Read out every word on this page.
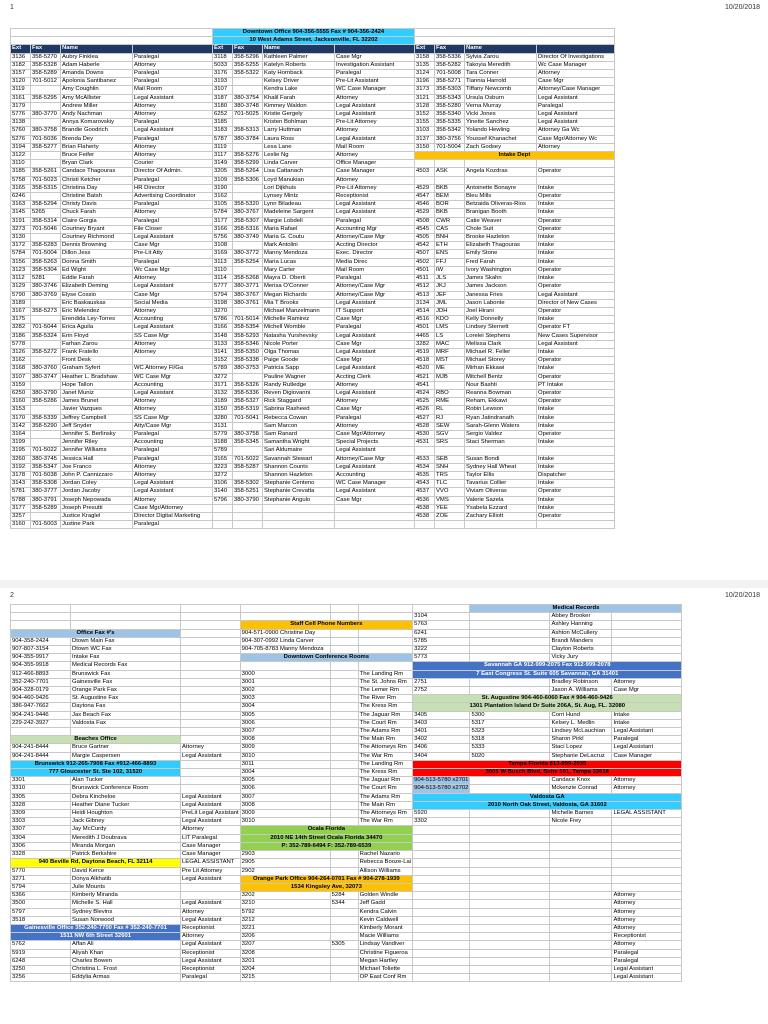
1	10/20/2018
				Downtown Office 904-356-5555 Fax # 904-356-2424							
				10 West Adams Street, Jacksonville, FL 32202							
Ext	Fax	Name		Ext	Fax	Name		Ext	Fax	Name	
3136	358-5270	Aubry Finklea	Paralegal	3118	358-5296	Kathleen Palmer	Case Mgr	3158	358-5336	Sylvia Zarou	Director Of Investigations
3182	358-5328	Adam Haberle	Attorney	5033	358-5255	Katelyn Roberts	Investigation Assistant	3135	358-5282	Takoyia Meredith	Wc Case Manager
3157	358-5289	Amanda Downs	Paralegal	3176	358-5322	Katy Hornback	Paralegal	3124	701-5008	Tara Conner	Attorney
3120	701-5012	Apolonia Santibanez	Paralegal	3193		Kelsey Driver	Pre-Lit Assistant	3196	358-5271	Tiannia Harrold	Case Mgr
3119		Amy Coughlin	Mail Room	3107		Kendra Lake	WC Case Manager	3173	358-5303	Tiffany Newcomb	Attorney/Case Manager
3161	358-5295	Amy McAllister	Legal Assistant	3187	380-3754	Khalil Farah	Attorney	3121	358-5343	Ursula Osburn	Legal Assistant
3179		Andrew Miller	Attorney	3180	380-3748	Kimmey Waldon	Legal Assistant	3128	358-5280	Verna Murray	Paralegal
5776	380-3770	Andy Nachman	Attorney	6252	701-5025	Kristie Gergely	Legal Assistant	3152	358-5340	Vicki Jones	Legal Assistant
3138		Annya Komarovskiy	Paralegal	3185		Kristen Bohlman	Pre-Lit Attorney	3155	358-5335	Yinette Sanchez	Legal Assistant
5760	380-3758	Brandie Goodrich	Legal Assistant	3183	358-5313	Larry Huttman	Attorney	3103	358-5342	Yolando Hewling	Attorney Ga Wc
5276	701-5036	Brenda Dey	Paralegal	5787	380-3784	Laura Ross	Legal Assistant	3137	380-3756	Youssef Khanachet	Case Mgr/Attorney Wc
3194	358-5277	Brian Flaherty	Attorney	3119		Lesa Lane	Mail Room	3150	701-5004	Zach Godsey	Attorney
3122		Bruce Feifer	Attorney	3117	358-5276	Leslie Ng	Attorney	Intake Dept			
3110		Bryan Clark	Courier	3149	358-5299	Linda Carver	Office Manager				
3185	358-5261	Candace Thagouras	Director Of Admin.	3205	358-5264	Lisa Cattanach	Case Manager	4503	ASK	Angela Kozdras	Operator
5758	701-5023	Christi Ketcher	Paralegal	3109	358-5306	Loyd Manukian	Attorney				
3165	358-5315	Christina Day	HR Director	3190		Lori Dijkhuis	Pre-Lit Attorney	4529	BKB	Antoinette Bonayre	Intake
6246		Christine Batsh	Advertising Coordinator	3162		Lynsey Mintz	Receptionist	4547	BEM	Bleu Mills	Operator
3163	358-5294	Christy Davis	Paralegal	3105	358-5320	Lynn Biladeau	Legal Assistant	4546	BOR	Betzaida Oliveras-Rios	Intake
3145	5265	Chuck Farah	Attorney	5784	380-3767	Madeleine Sargent	Legal Assistant	4529	BKB	Branigan Booth	Intake
3191	358-5314	Claire Gorgia	Paralegal	3177	358-5307	Margie Lobdell	Paralegal	4508	CWR	Catie Weaver	Operator
3273	701-5046	Courtney Bryant	File Closer	3166	358-5316	Maria Rafael	Accounting Mgr	4545	CAS	Chole Suit	Operator
3130		Courtney Richmond	Legal Assistant	5756	380-3749	Maria G. Coutu	Attorney/Case Mgr	4505	BNH	Brooke Hazleton	Intake
3172	358-5283	Dennis Browning	Case Mgr	3108		Mark Antolini	Accting Director	4542	ETH	Elizabeth Thagouras	Intake
5784	701-5004	Dillon Jess	Pre-Lit Atty	3169	380-3772	Manny Mendoza	Exec. Director	4507	ENS	Emily Stone	Intake
3156	358-5263	Donna Smith	Paralegal	3113	358-5254	Maria Lucas	Media Direc	4502	FFJ	Fred Farah	Intake
3123	358-5304	Ed Wight	Wc Case Mgr	3110		Mary Carter	Mail Room	4501	IW	Ivory Washington	Operator
3112	5281	Eddie Farah	Attorney	3114	358-5268	Mayra D. Oberti	Paralegal	4511	JLS	James Skahn	Intake
3129	380-3746	Elizabeth Deming	Legal Assistant	5777	380-3771	Merisa O'Conner	Attorney/Case Mgr	4512	JKJ	James Jackson	Operator
5790	380-3769	Elyse Cossio	Case Mgr	5794	380-3767	Megan Richards	Attorney/Case Mgr	4513	JEF	Janessa Fries	Legal Assistant
3189		Eric Baskauskas	Social Media	3198	380-3761	Mia T Brooks	Legal Assistant	3134	JML	Jason Labonte	Director of New Cases
3167	358-5273	Eric Melendez	Attorney	3270		Michael Manzelmann	IT Support	4514	JDH	Joel Hirani	Operator
3175		Erendida Ley-Torres	Accounting	5786	701-5014	Michelle Ramirez	Case Mgr	4516	KDO	Kelly Donnelly	Intake
3282	701-5044	Erica Aguila	Legal Assistant	3166	358-5354	Michell Womble	Paralegal	4501	LMS	Lindsey Sternett	Operator FT
3186	358-5324	Erin Floyd	SS Case Mgr	3148	358-5293	Natasha Yurshevsky	Legal Assistant	4465	LS	Lorelei Stephens	New Cases Supervisor
5778		Farhan Zarou	Attorney	3133	358-5346	Nicole Porter	Case Mgr	3282	MAC	Melissa Clark	Legal Assistant
3126	358-5272	Frank Fratello	Attorney	3141	358-5350	Olga Thomas	Legal Assistant	4519	MRF	Michael R. Feller	Intake
3162		Front Desk		3152	358-5338	Paige Goode	Case Mgr	4518	MST	Michael Storey	Operator
3168	380-3760	Graham Syfert	WC Attorney Fl/Ga	5789	380-3753	Patricia Sapp	Legal Assistant	4520	ME	Mirhan Ekkawi	Intake
3107	380-3747	Heather L. Bradshaw	WC Case Mgr	3272		Pauline Wagner	Accting Clerk	4521	MJB	Mitchell Bentz	Operator
3159		Hope Tallon	Accounting	3171	358-5326	Randy Rutledge	Attorney	4541		Nour Bashti	PT Intake
6250	380-3790	Janet Muniz	Legal Assistant	3132	358-5336	Reven Digiovanni	Legal Assistant	4524	RBO	Reanna Bowman	Operator
3160	358-5286	James Brunet	Attorney	3189	358-5327	Rick Staggard	Attorney	4525	RME	Reham, Ekkawi	Operator
3153		Javier Vazques	Attorney	3150	358-5319	Sabrina Rasheed	Case Mgr	4526	RL	Robin Lewson	Intake
3170	358-5339	Jeffrey Campbell	SS Case Mgr	3280	701-5041	Rebecca Cowan	Paralegal	4527	RJ	Ryan Jatindranath	Intake
3142	358-5290	Jeff Snyder	Atty/Case Mgr	3131		Sam Marcon	Attorney	4528	SEW	Sarah-Glenn Waters	Intake
3164		Jennifer S. Berlinsky	Paralegal	5779	380-3758	Sam Ranard	Case Mgr/Attorney	4530	SGV	Sergio Valdez	Operator
3199		Jennifer Riley	Accounting	3188	358-5345	Samantha Wright	Special Projects	4531	SRS	Staci Sherman	Intake
3195	701-5022	Jennifer Williams	Paralegal	5789		Sari Aldumaire	Legal Assistant				
3260	380-3745	Jessica Hall	Paralegal	3165	701-5022	Savannah Stewart	Attorney/Case Mgr	4533	SEB	Susan Bondi	Intake
3192	358-5347	Joe Franco	Attorney	3223	358-5287	Shannon Counts	Legal Assistant	4534	SNH	Sydney Hall Wheat	Intake
3178	701-5038	John P. Cannizzaro	Attorney	3272		Shannon Hazleton	Accounting	4535	TRS	Taylor Ellis	Dispatcher
3143	358-5308	Jordan Coley	Legal Assistant	3106	358-5302	Stephanie Centeno	WC Case Manager	4543	TLC	Tavarius Collier	Intake
5781	380-3777	Jordan Jacoby	Legal Assistant	3140	358-5251	Stephanie Crevatta	Legal Assistant	4537	VVO	Viviam Oliveras	Operator
5788	380-3791	Joseph Nepowada	Attorney	5796	380-3790	Stephanie Angulo	Case Mgr	4536	VMS	Valerie Sazela	Intake
3177	358-5289	Joseph Presutti	Case Mgr/Attorney					4538	YEE	Ysabela Ezzard	Intake
3257		Justice Kraglel	Director Digital Marketing					4538	ZOE	Zachary Elliott	Operator
3160	701-5003	Justine Park	Paralegal								
2	10/20/2018
							Medical Records		
						3104		Abbey Brooker	
			Staff Cell Phone Numbers			5763		Ashley Hanning	
Office Fax #'s			904-571-0900 Christine Day			6241		Ashton McCullery	
904-358-2424	Dtown Main Fax		904-307-0992 Linda Carver			5785		Brandi Manders	
907-807-3154	Dtown WC Fax		904-705-8783 Manny Mendoza			3222		Clayton Roberts	
904-355-9917	Intake Fax		Downtown Conference Rooms			5773		Vicky Jury	
904-355-9918	Medical Records Fax					Savannah GA 912-999-2075 Fax 912-999-2078			
912-466-8893	Brunswick Fax		3000		The Landing Rm	7 East Congress St. Suite 605 Savannah, GA 31401			
352-240-7701	Gainesville Fax		3001		The St. Johns Rm	2751		Bradley Robinson	Attorney
904-328-0179	Orange Park Fax		3002		The Lemer Rm	2752		Jason A. Williams	Case Mgr
904-460-9426	St. Augustine Fax		3003		The River Rm	St. Augustine 904-460-6060 Fax # 904-460-9426			
386-947-7662	Daytona Fax		3004		The Kress Rm	1301 Plantation Island Dr Suite 206A, St. Aug, FL. 32080			
904-241-9446	Jax Beach Fax		3005		The Jaguar Rm	3405	5300	Corri Hund	Intake
229-242-3927	Valdosta Fax		3006		The Court Rm	3403	5317	Kelsey L. Medlin	Intake
			3007		The Adams Rm	3401	5323	Lindsey McLauchian	Legal Assistant
Beaches Office			3008		The Main Rm	3402	5318	Sharon Pirkl	Paralegal
904-241-8444	Bruce Gartner	Attorney	3009		The Attorneys Rm	3406	5333	Staci Lopez	Legal Assistant
904-241-8444	Margie Caspersen	Legal Assistant	3010		The War Rm	3404	5020	Stephanie DeLacruz	Case Manager
Brunswick 912-265-7908 Fax #912-466-8893			3011		The Landing Rm	Tampa Florida 813-999-2035			
777 Gloucester St. Ste 102, 31520			3004		The Kress Rm	3601 W Busch Blvd, Suite 101, Tampa 33618			
3301	Alan Tucker		3005		The Jaguar Rm	904-513-5780 x2701		Candace Knox	Attorney
3310	Brunswick Conference Room		3006		The Court Rm	904-513-5780 x2702		Mckenzie Conrad	Attorney
3305	Debra Kincheloe	Legal Assistant	3007		The Adams Rm	Valdosta GA			
3328	Heather Diane Tucker	Legal Assistant	3008		The Main Rm	2010 North Oak Street, Valdosta, GA 31602			
3309	Heidi Houghton	PreLit Legal Assistant	3009		The Attorneys Rm	5920		Michelle Barnes	LEGAL ASSISTANT
3303	Jack Gibney	Legal Assistant	3010		The War Rm	3302		Nicole Frey	
3307	Jay McCurdy	Attorney	Ocala Florida						
3304	Meredith J Doubrava	LIT Paralegal	2010 NE 14th Street Ocala Florida 34470						
3306	Miranda Morgan	Case Manager	P: 352-789-6494 F: 352-789-6539						
3328	Patrick Berkshire	Case Manager	2903		Rachel Nazario				
940 Beville Rd, Daytona Beach, FL 32114		LEGAL ASSISTANT	2905		Rebecca Booze-Lai				
5770	David Kerce	Pre Lit Attorney	2902		Allison Williams				
3271	Donya Alkhatib	Legal Assistant	Orange Park Office 904-264-0701 Fax # 904-278-1939						
5794	Julie Mounts		1534 Kingsley Ave, 32073						
5366	Kimberly Miranda		3202	5284	Golden Windle				Attorney
3500	Michelle S. Hall	Legal Assistant	3210	5344	Jeff Gadd				Attorney
5797	Sydney Blevins	Attorney	5792		Kendra Calvin				Attorney
3518	Susan Norwood	Legal Assistant	3212		Kevin Caldwell				Attorney
Gainesville Office 352-240-7700 Fax # 352-240-7701		Receptionist	3221		Kimberly Morant				Attorney
1511 NW 6th Street 32601		Attorney	3206		Macie Williams				Receptionist
5762	Affan Ali	Legal Assistant	3207	5305	Lindsay Vandiver				Attorney
5919	Aliyah Khan	Receptionist	3208		Christine Figueroa				Paralegal
6248	Charles Bowen	Legal Assistant	3201		Megan Hartley				Paralegal
3250	Christina L. Frost	Receptionist	3204		Michael Toliette				Legal Assistant
3256	Eddylia Armas	Paralegal	3215		OP East Conf Rm				Legal Assistant
